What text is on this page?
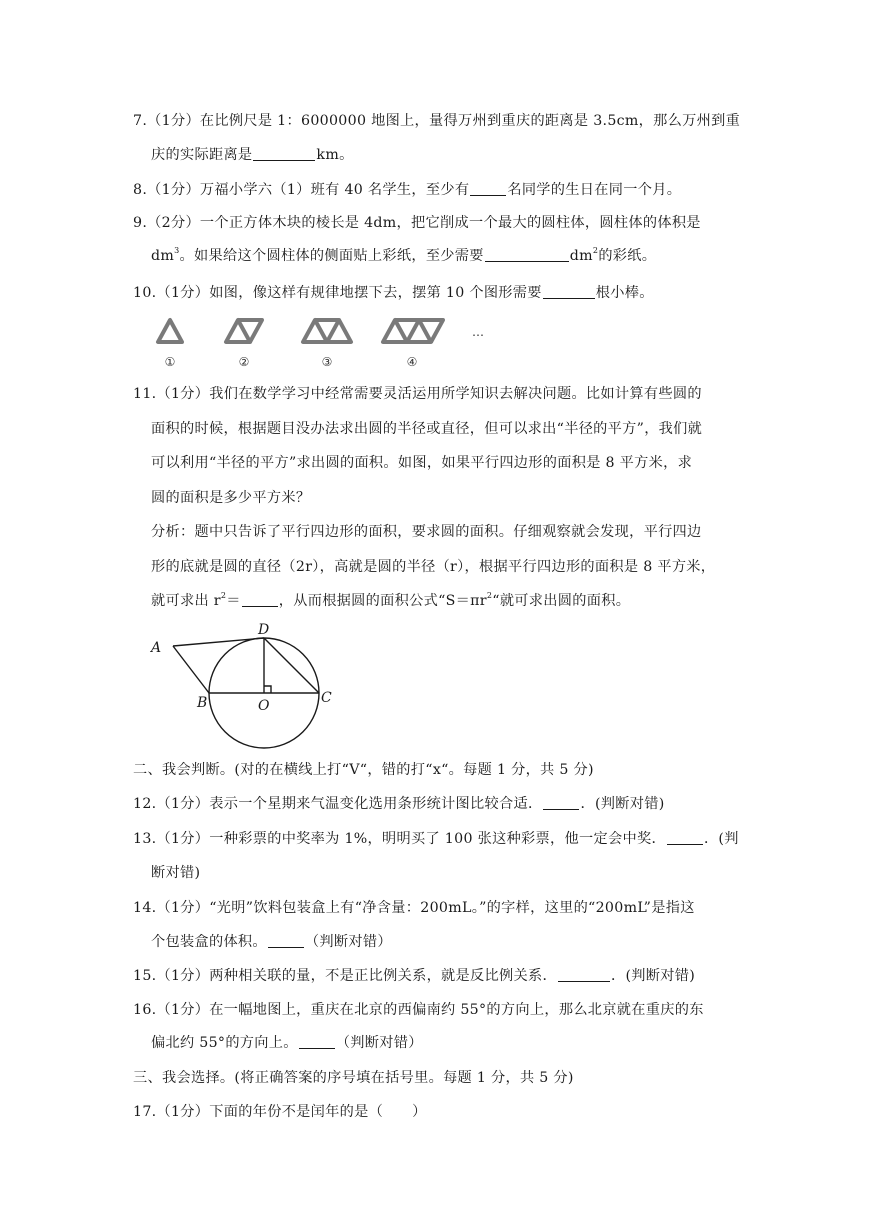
7.（1分）在比例尺是 1：6000000 地图上，量得万州到重庆的距离是 3.5cm，那么万州到重
庆的实际距离是	km。
8.（1分）万福小学六（1）班有 40 名学生，至少有	名同学的生日在同一个月。
9.（2分）一个正方体木块的棱长是 4dm，把它削成一个最大的圆柱体，圆柱体的体积是
$dm^3$。如果给这个圆柱体的侧面贴上彩纸，至少需要	$dm^2$的彩纸。
10.（1分）如图，像这样有规律地摆下去，摆第 10 个图形需要	根小棒。
①	②	③	④
…
11.（1分）我们在数学学习中经常需要灵活运用所学知识去解决问题。比如计算有些圆的
面积的时候，根据题目没办法求出圆的半径或直径，但可以求出“半径的平方”，我们就
可以利用“半径的平方”求出圆的面积。如图，如果平行四边形的面积是 8 平方米，求
圆的面积是多少平方米？
分析：题中只告诉了平行四边形的面积，要求圆的面积。仔细观察就会发现，平行四边
形的底就是圆的直径（2r），高就是圆的半径（r），根据平行四边形的面积是 8 平方米，
就可求出 $r^2=$	，从而根据圆的面积公式“$S=\pi r^2“$就可求出圆的面积。
A
D
B	O	C
二、我会判断。(对的在横线上打“V“，错的打“x“。每题 1 分，共 5 分)
12.（1分）表示一个星期来气温变化选用条形统计图比较合适．	．(判断对错)
13.（1分）一种彩票的中奖率为 1%，明明买了 100 张这种彩票，他一定会中奖．	．(判
断对错)
14.（1分）“光明”饮料包装盒上有“净含量：200mL。”的字样，这里的“200mL”是指这
个包装盒的体积。	（判断对错）
15.（1分）两种相关联的量，不是正比例关系，就是反比例关系．	．(判断对错)
16.（1分）在一幅地图上，重庆在北京的西偏南约 55°的方向上，那么北京就在重庆的东
偏北约 55°的方向上。	（判断对错）
三、我会选择。(将正确答案的序号填在括号里。每题 1 分，共 5 分)
17.（1分）下面的年份不是闰年的是（　　）
